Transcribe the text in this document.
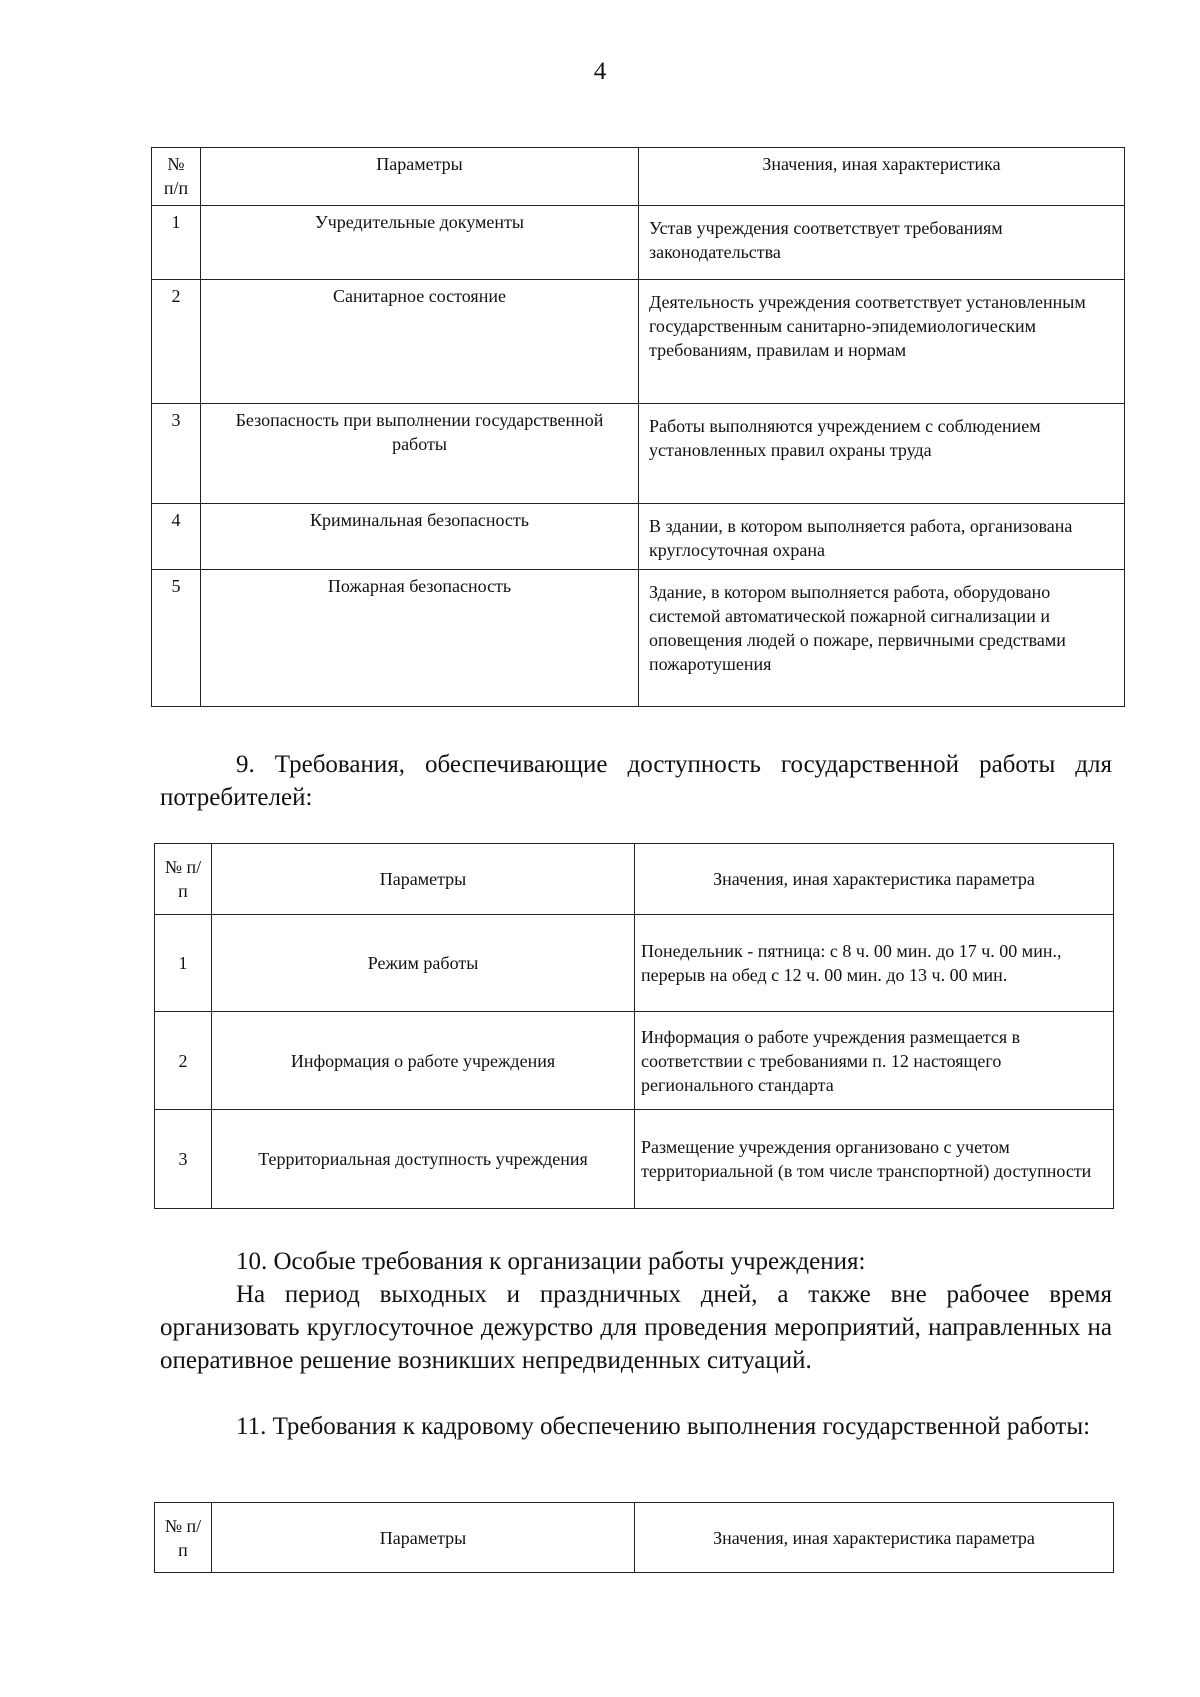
4
№ п/п	Параметры	Значения, иная характеристика
1	Учредительные документы	Устав учреждения соответствует требованиям законодательства
2	Санитарное состояние	Деятельность учреждения соответствует установленным государственным санитарно-эпидемиологическим требованиям, правилам и нормам
3	Безопасность при выполнении государственной работы	Работы выполняются учреждением с соблюдением установленных правил охраны труда
4	Криминальная безопасность	В здании, в котором выполняется работа, организована круглосуточная охрана
5	Пожарная безопасность	Здание, в котором выполняется работа, оборудовано системой автоматической пожарной сигнализации и оповещения людей о пожаре, первичными средствами пожаротушения

9. Требования, обеспечивающие доступность государственной работы для потребителей:

№ п/п	Параметры	Значения, иная характеристика параметра
1	Режим работы	Понедельник - пятница: с 8 ч. 00 мин. до 17 ч. 00 мин., перерыв на обед с 12 ч. 00 мин. до 13 ч. 00 мин.
2	Информация о работе учреждения	Информация о работе учреждения размещается в соответствии с требованиями п. 12 настоящего регионального стандарта
3	Территориальная доступность учреждения	Размещение учреждения организовано с учетом территориальной (в том числе транспортной) доступности

10. Особые требования к организации работы учреждения:

На период выходных и праздничных дней, а также вне рабочее время организовать круглосуточное дежурство для проведения мероприятий, направленных на оперативное решение возникших непредвиденных ситуаций.

11. Требования к кадровому обеспечению выполнения государственной работы:

№ п/п	Параметры	Значения, иная характеристика параметра
